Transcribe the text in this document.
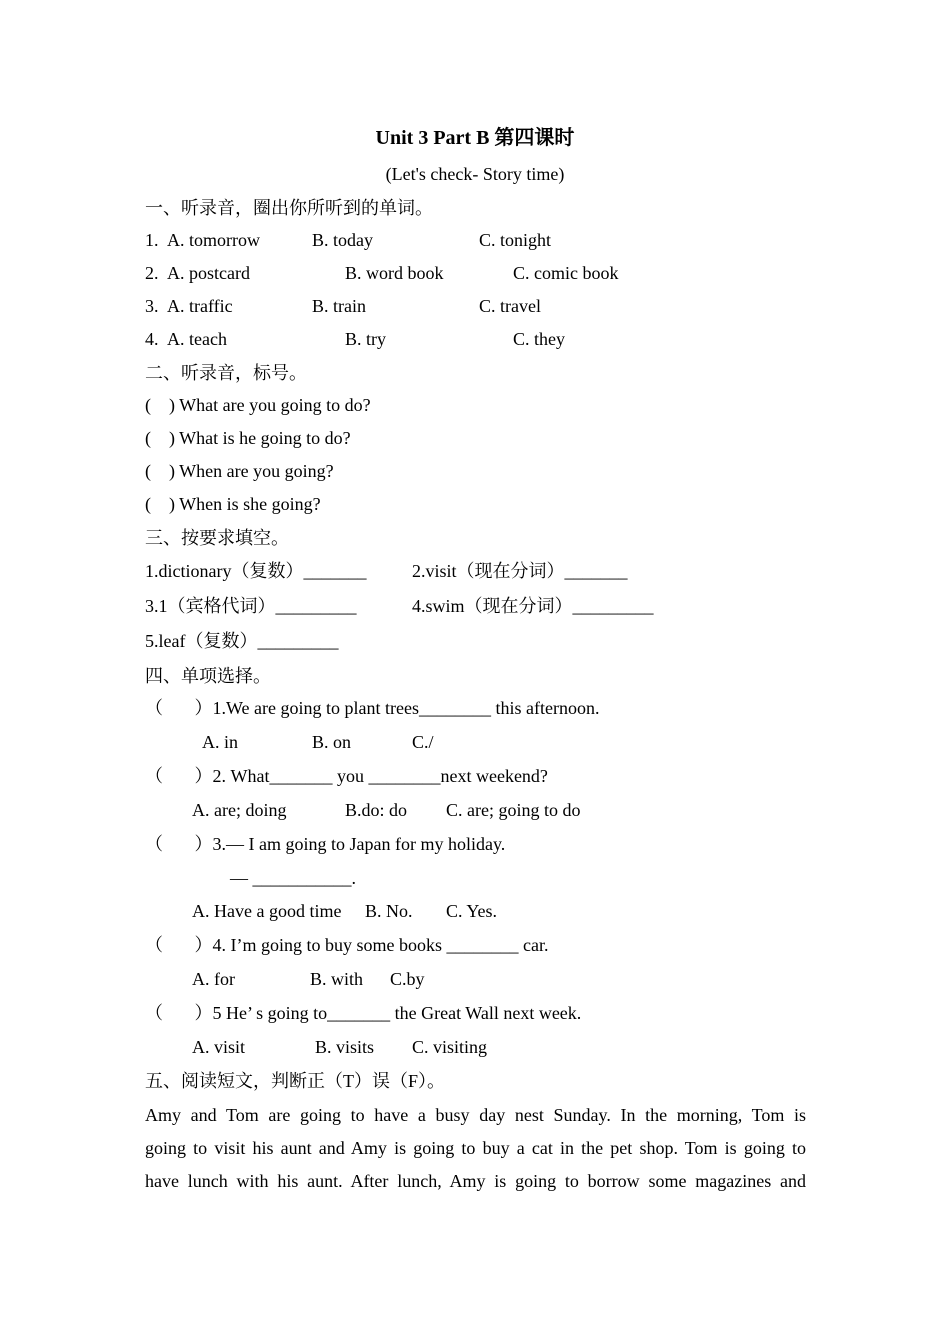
Unit 3 Part B 第四课时
(Let's check- Story time)
一、听录音，圈出你所听到的单词。
1. A. tomorrow	B. today	C. tonight
2. A. postcard	B. word book	C. comic book
3. A. traffic	B. train	C. travel
4. A. teach	B. try	C. they
二、听录音，标号。
(    ) What are you going to do?
(    ) What is he going to do?
(    ) When are you going?
(    ) When is she going?
三、按要求填空。
1.dictionary（复数）_______	2.visit（现在分词）_______
3.1（宾格代词）_________	4.swim（现在分词）_________
5.leaf（复数）_________
四、单项选择。
（       ）1.We are going to plant trees________ this afternoon.
A. in	B. on	C./
（       ）2. What_______ you ________next weekend?
A. are; doing	B.do: do C. are; going to do
（       ）3.— I am going to Japan for my holiday.
— ___________.
A. Have a good time B. No. C. Yes.
（       ）4. I’m going to buy some books ________ car.
A. for	B. with C.by
（       ）5 He’ s going to_______ the Great Wall next week.
A. visit	B. visits C. visiting
五、阅读短文，判断正（T）误（F）。
Amy and Tom are going to have a busy day nest Sunday. In the morning, Tom is
going to visit his aunt and Amy is going to buy a cat in the pet shop. Tom is going to
have lunch with his aunt. After lunch, Amy is going to borrow some magazines and
